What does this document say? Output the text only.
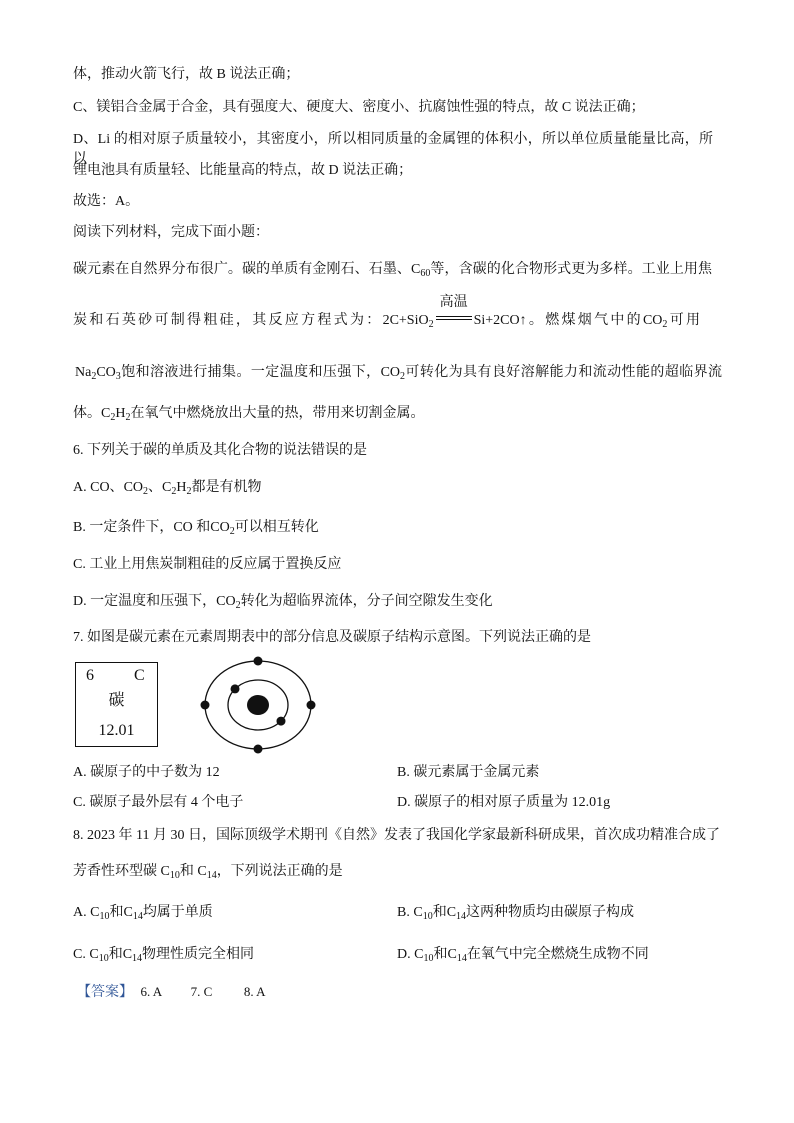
体，推动火箭飞行，故 B 说法正确；
C、镁铝合金属于合金，具有强度大、硬度大、密度小、抗腐蚀性强的特点，故 C 说法正确；
D、Li 的相对原子质量较小，其密度小，所以相同质量的金属锂的体积小，所以单位质量能量比高，所以
锂电池具有质量轻、比能量高的特点，故 D 说法正确；
故选：A。
阅读下列材料，完成下面小题：
碳元素在自然界分布很广。碳的单质有金刚石、石墨、$C_{60}$等，含碳的化合物形式更为多样。工业上用焦
炭和石英砂可制得粗硅，其反应方程式为：2C+SiO$_2$
高温
Si+2CO↑。燃煤烟气中的$CO_2$可用
$Na_2CO_3$饱和溶液进行捕集。一定温度和压强下，$CO_2$可转化为具有良好溶解能力和流动性能的超临界流
体。$C_2H_2$在氧气中燃烧放出大量的热，带用来切割金属。
6. 下列关于碳的单质及其化合物的说法错误的是
A. CO、$CO_2$、$C_2H_2$都是有机物
B. 一定条件下，CO 和$CO_2$可以相互转化
C. 工业上用焦炭制粗硅的反应属于置换反应
D. 一定温度和压强下，$CO_2$转化为超临界流体，分子间空隙发生变化
7. 如图是碳元素在元素周期表中的部分信息及碳原子结构示意图。下列说法正确的是
6	C
碳
12.01
A. 碳原子的中子数为 12	B. 碳元素属于金属元素
C. 碳原子最外层有 4 个电子	D. 碳原子的相对原子质量为 12.01g
8. 2023 年 11 月 30 日，国际顶级学术期刊《自然》发表了我国化学家最新科研成果，首次成功精准合成了
芳香性环型碳 $C_{10}$和 $C_{14}$，下列说法正确的是
A. $C_{10}$和$C_{14}$均属于单质	B. $C_{10}$和$C_{14}$这两种物质均由碳原子构成
C. $C_{10}$和$C_{14}$物理性质完全相同	D. $C_{10}$和$C_{14}$在氧气中完全燃烧生成物不同
【答案】 6. A 7. C 8. A
